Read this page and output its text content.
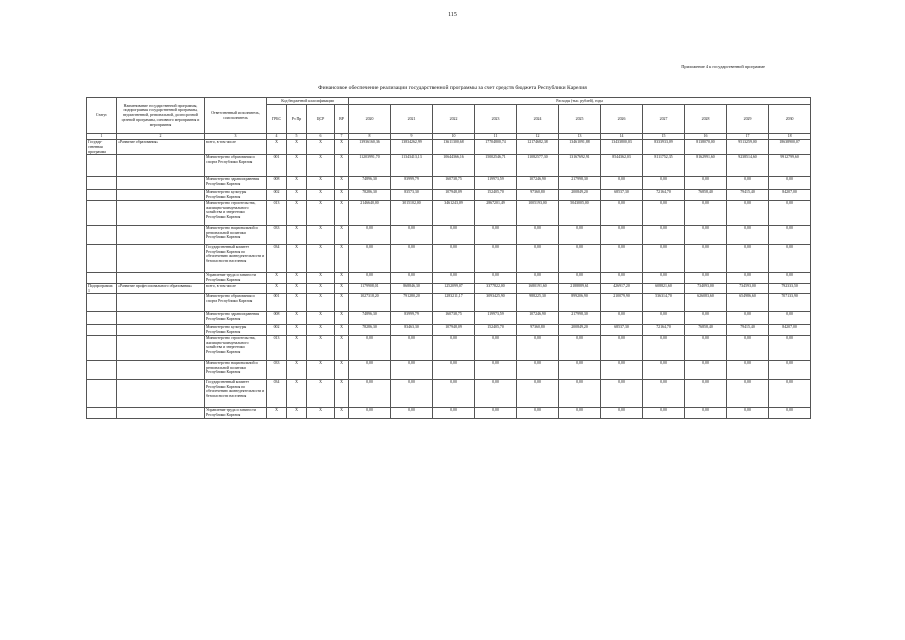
115
Приложение 4 к государственной программе
Финансовое обеспечение реализации государственной программы за счет средств бюджета Республики Карелия
Статус	Наименование государственной программы, подпрограммы государственной программы, ведомственной, региональной, долгосрочной целевой программы, основного мероприятия и мероприятия	Ответственный исполнитель, соисполнитель	Код бюджетной классификации				Расходы (тыс. рублей), годы										
			ГРБС	Рз Пр	ЦСР	ВР	2020	2021	2022	2023	2024	2025	2026	2027	2028	2029	2030
1	2	3	4	5	6	7	8	9	10	11	12	13	14	15	16	17	18
Государ-ственная программа	«Развитие образования»	всего, в том числе	Х	Х	Х	Х	13936160,36	13834262,99	13611300,68	17704800,74	12174682,38	13461091,88	13433800,03	8333933,09	8138070,00	9513259,00	18638900,07
		Министерство образования и спорта Республики Карелия	001	Х	Х	Х	11203991,70	11343413,13	10644366,16	15002546,71	11082577,30	13167692,91	8544362,03	8111752,35	8162991,60	9238514,60	9912799,60
		Министерство здравоохранения Республики Карелия	008	Х	Х	Х	74896,30	83999,79	160738,75	119973,59	107246,90	217998,30	0,00	0,00	0,00	0,00	0,00
		Министерство культуры Республики Карелия	002	Х	Х	Х	78286,30	83573,30	107948,09	152405,70	97360,80	200849,20	68537,30	72164,70	76858,40	79415,40	84207,00
		Министерство строительства, жилищно-коммунального хозяйства и энергетики Республики Карелия	013	Х	Х	Х	2146640,00	3015102,00	3461243,09	2867201,49	1005193,00	5043005,00	0,00	0,00	0,00	0,00	0,00
		Министерство национальной и региональной политики Республики Карелия	033	Х	Х	Х	0,00	0,00	0,00	0,00	0,00	0,00	0,00	0,00	0,00	0,00	0,00
		Государственный комитет Республики Карелия по обеспечению жизнедеятельности и безопасности населения	034	Х	Х	Х	0,00	0,00	0,00	0,00	0,00	0,00	0,00	0,00	0,00	0,00	0,00
		Управление труда и занятости Республики Карелия	Х	Х	Х	Х	0,00	0,00	0,00	0,00	0,00	0,00	0,00	0,00	0,00	0,00	0,00
Подпрограмма 1	«Развитие профессионального образования»	всего, в том числе	Х	Х	Х	Х	1179908,01	868846,30	1252099,07	3377822,00	1680191,60	2188889,61	426917,20	608821,60	734093,00	734593,00	792333,50
		Министерство образования и спорта Республики Карелия	001	Х	Х	Х	1027318,20	791280,20	1283211,17	3093425,90	988225,30	899206,90	210079,90	536314,70	626083,60	654986,60	707133,90
		Министерство здравоохранения Республики Карелия	008	Х	Х	Х	74896,30	83999,79	160738,75	119973,59	107246,90	217998,30	0,00	0,00	0,00	0,00	0,00
		Министерство культуры Республики Карелия	002	Х	Х	Х	78286,30	83463,30	107948,09	152405,70	97360,80	200849,20	68537,30	72164,70	76858,40	79415,40	84207,00
		Министерство строительства, жилищно-коммунального хозяйства и энергетики Республики Карелия	013	Х	Х	Х	0,00	0,00	0,00	0,00	0,00	0,00	0,00	0,00	0,00	0,00	0,00
		Министерство национальной и региональной политики Республики Карелия	033	Х	Х	Х	0,00	0,00	0,00	0,00	0,00	0,00	0,00	0,00	0,00	0,00	0,00
		Государственный комитет Республики Карелия по обеспечению жизнедеятельности и безопасности населения	034	Х	Х	Х	0,00	0,00	0,00	0,00	0,00	0,00	0,00	0,00	0,00	0,00	0,00
		Управление труда и занятости Республики Карелия	Х	Х	Х	Х	0,00	0,00	0,00	0,00	0,00	0,00	0,00	0,00	0,00	0,00	0,00
